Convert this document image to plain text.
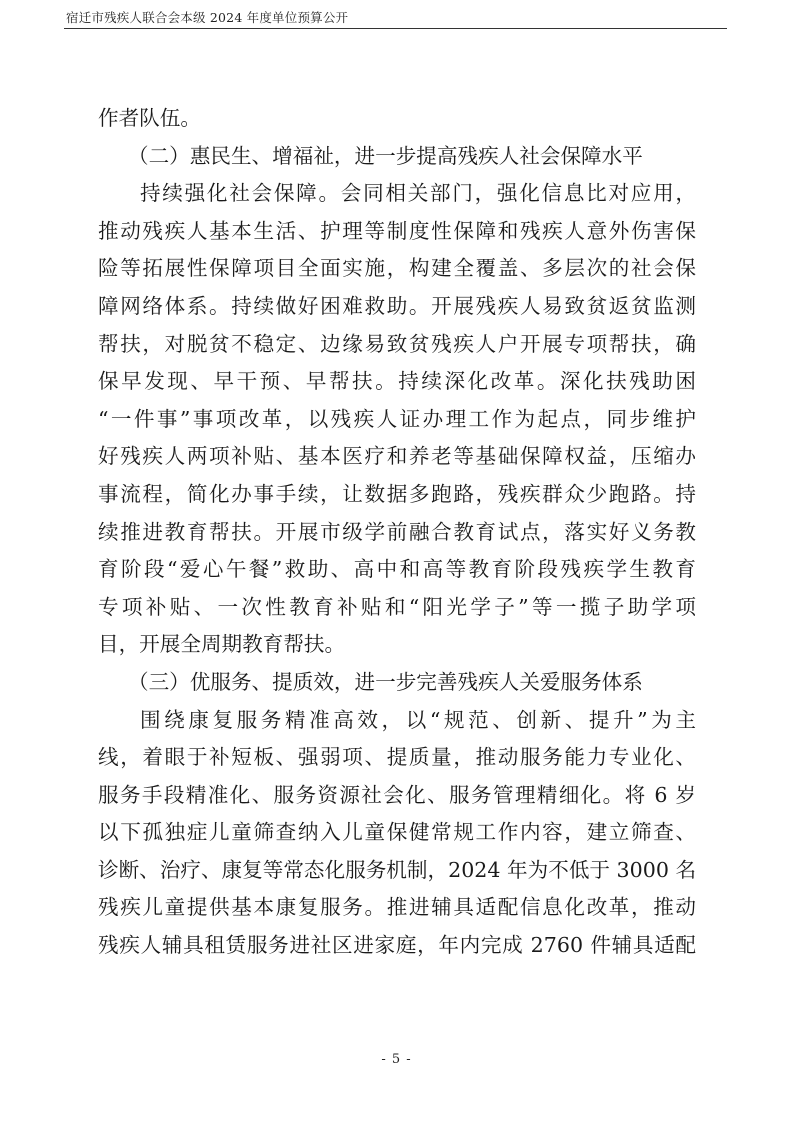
宿迁市残疾人联合会本级 2024 年度单位预算公开
作者队伍。
（二）惠民生、增福祉，进一步提高残疾人社会保障水平
持续强化社会保障。会同相关部门，强化信息比对应用，
推动残疾人基本生活、护理等制度性保障和残疾人意外伤害保
险等拓展性保障项目全面实施，构建全覆盖、多层次的社会保
障网络体系。持续做好困难救助。开展残疾人易致贫返贫监测
帮扶，对脱贫不稳定、边缘易致贫残疾人户开展专项帮扶，确
保早发现、早干预、早帮扶。持续深化改革。深化扶残助困
“一件事”事项改革，以残疾人证办理工作为起点，同步维护
好残疾人两项补贴、基本医疗和养老等基础保障权益，压缩办
事流程，简化办事手续，让数据多跑路，残疾群众少跑路。持
续推进教育帮扶。开展市级学前融合教育试点，落实好义务教
育阶段“爱心午餐”救助、高中和高等教育阶段残疾学生教育
专项补贴、一次性教育补贴和“阳光学子”等一揽子助学项
目，开展全周期教育帮扶。
（三）优服务、提质效，进一步完善残疾人关爱服务体系
围绕康复服务精准高效，以“规范、创新、提升”为主
线，着眼于补短板、强弱项、提质量，推动服务能力专业化、
服务手段精准化、服务资源社会化、服务管理精细化。将 6 岁
以下孤独症儿童筛查纳入儿童保健常规工作内容，建立筛查、
诊断、治疗、康复等常态化服务机制，2024 年为不低于 3000 名
残疾儿童提供基本康复服务。推进辅具适配信息化改革，推动
残疾人辅具租赁服务进社区进家庭，年内完成 2760 件辅具适配
- 5 -
